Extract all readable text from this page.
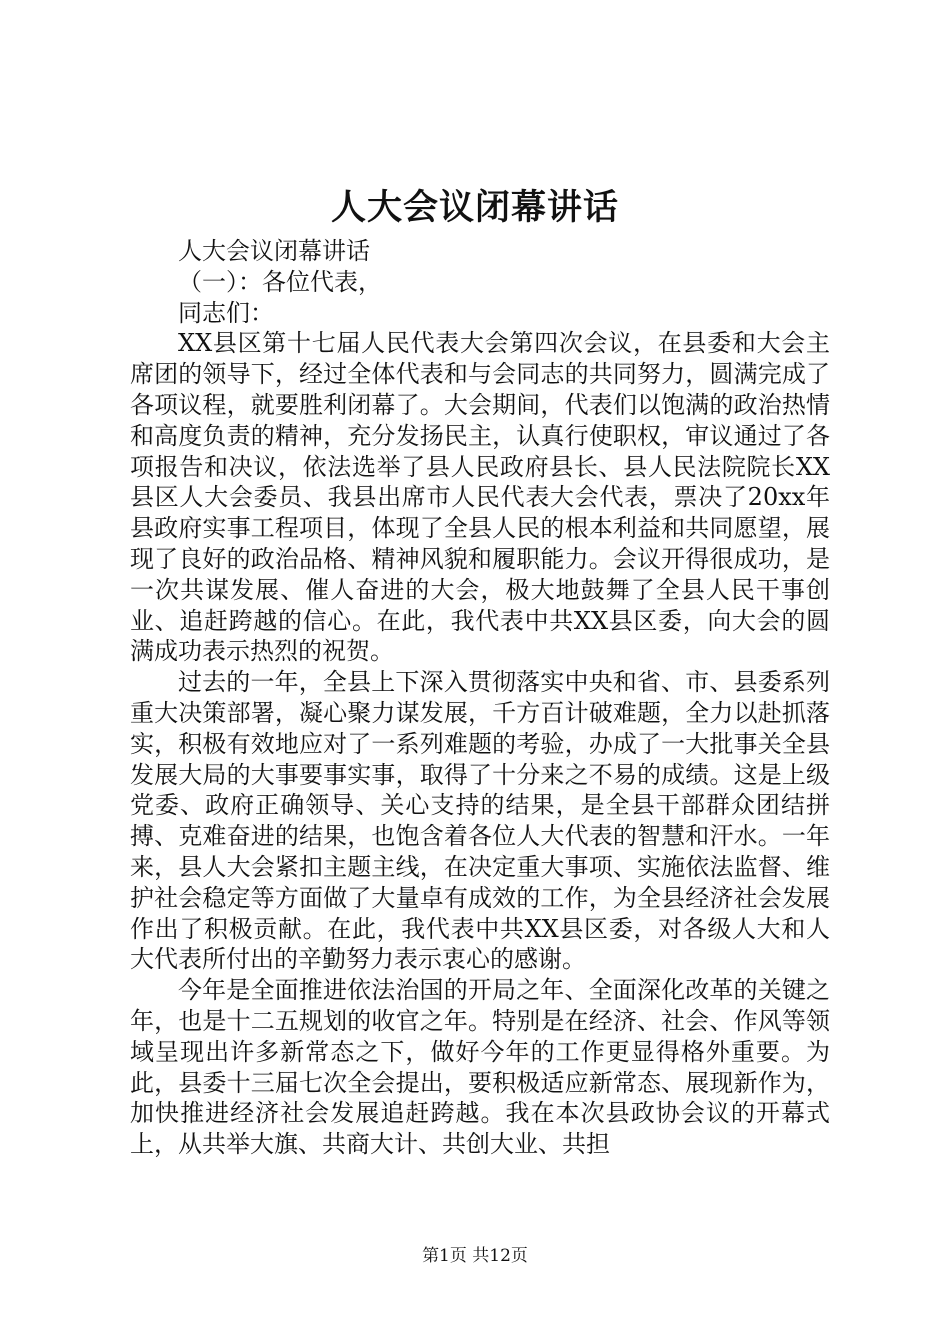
人大会议闭幕讲话

人大会议闭幕讲话

（一）：各位代表，

同志们：

XX县区第十七届人民代表大会第四次会议，在县委和大会主席团的领导下，经过全体代表和与会同志的共同努力，圆满完成了各项议程，就要胜利闭幕了。大会期间，代表们以饱满的政治热情和高度负责的精神，充分发扬民主，认真行使职权，审议通过了各项报告和决议，依法选举了县人民政府县长、县人民法院院长XX县区人大会委员、我县出席市人民代表大会代表，票决了20xx年县政府实事工程项目，体现了全县人民的根本利益和共同愿望，展现了良好的政治品格、精神风貌和履职能力。会议开得很成功，是一次共谋发展、催人奋进的大会，极大地鼓舞了全县人民干事创业、追赶跨越的信心。在此，我代表中共XX县区委，向大会的圆满成功表示热烈的祝贺。

过去的一年，全县上下深入贯彻落实中央和省、市、县委系列重大决策部署，凝心聚力谋发展，千方百计破难题，全力以赴抓落实，积极有效地应对了一系列难题的考验，办成了一大批事关全县发展大局的大事要事实事，取得了十分来之不易的成绩。这是上级党委、政府正确领导、关心支持的结果，是全县干部群众团结拼搏、克难奋进的结果，也饱含着各位人大代表的智慧和汗水。一年来，县人大会紧扣主题主线，在决定重大事项、实施依法监督、维护社会稳定等方面做了大量卓有成效的工作，为全县经济社会发展作出了积极贡献。在此，我代表中共XX县区委，对各级人大和人大代表所付出的辛勤努力表示衷心的感谢。

今年是全面推进依法治国的开局之年、全面深化改革的关键之年，也是十二五规划的收官之年。特别是在经济、社会、作风等领域呈现出许多新常态之下，做好今年的工作更显得格外重要。为此，县委十三届七次全会提出，要积极适应新常态、展现新作为，加快推进经济社会发展追赶跨越。我在本次县政协会议的开幕式上，从共举大旗、共商大计、共创大业、共担

第1页 共12页
